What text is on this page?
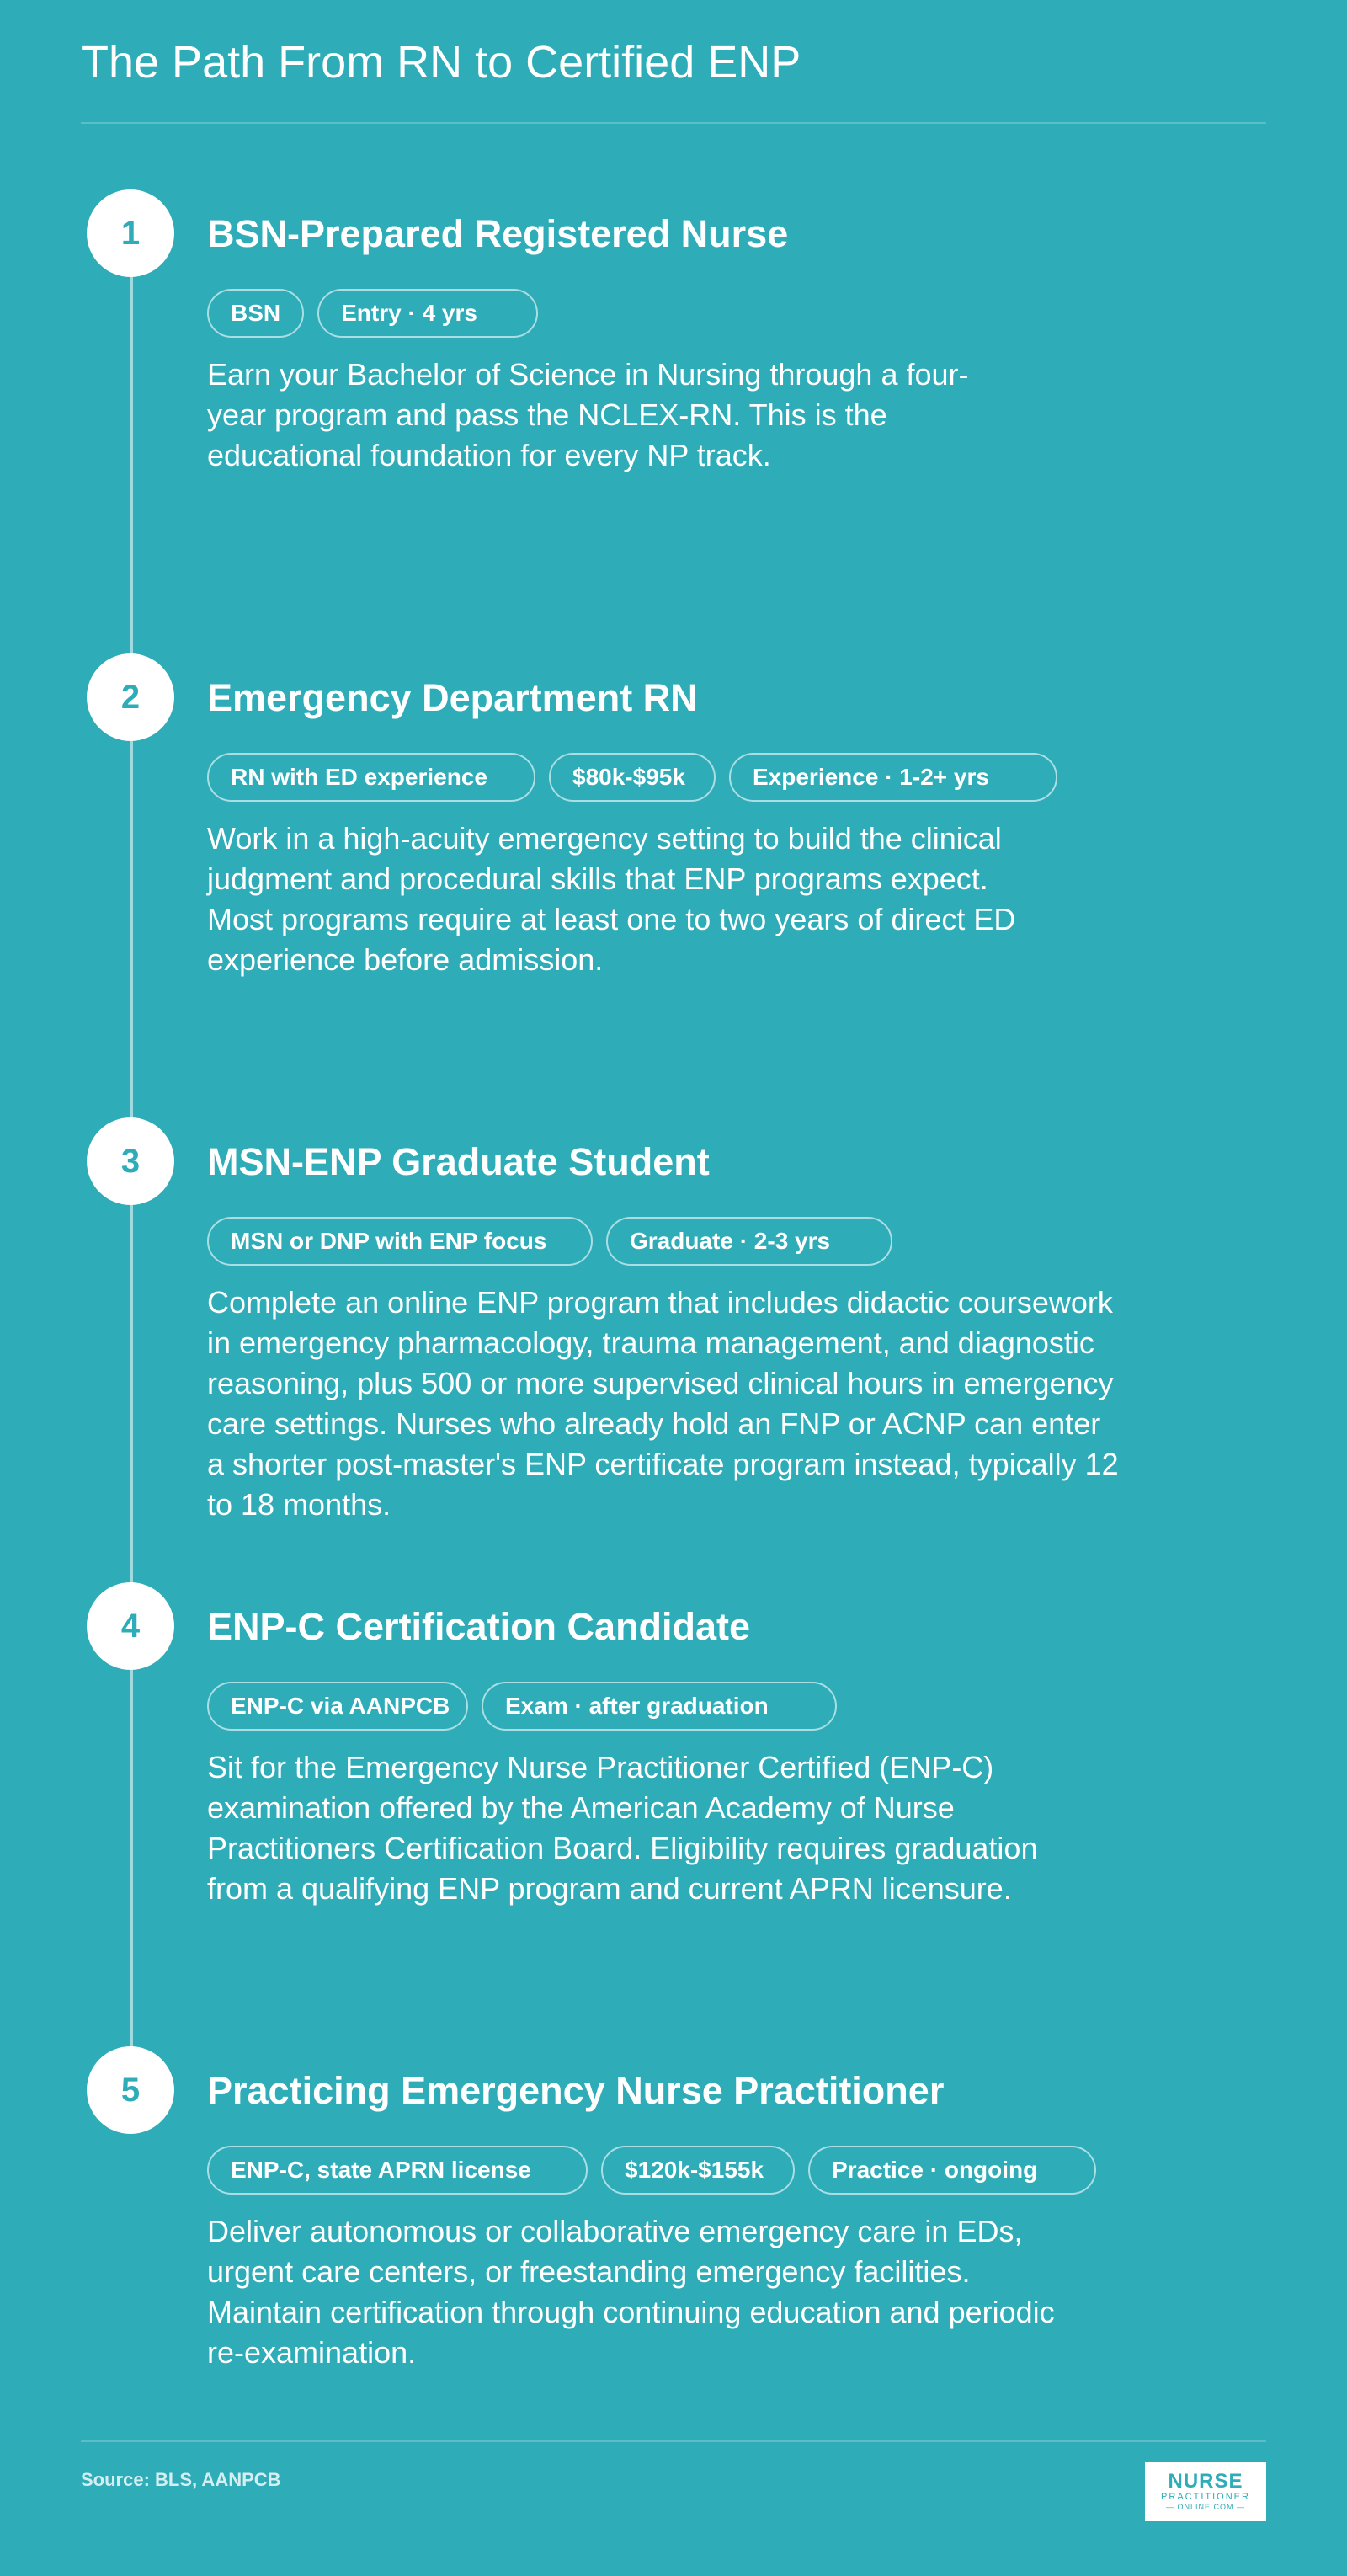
The Path From RN to Certified ENP
1	BSN-Prepared Registered Nurse
BSN	Entry · 4 yrs

Earn your Bachelor of Science in Nursing through a four-year program and pass the NCLEX-RN. This is the educational foundation for every NP track.

2	Emergency Department RN
RN with ED experience	$80k-$95k	Experience · 1-2+ yrs

Work in a high-acuity emergency setting to build the clinical judgment and procedural skills that ENP programs expect. Most programs require at least one to two years of direct ED experience before admission.

3	MSN-ENP Graduate Student
MSN or DNP with ENP focus	Graduate · 2-3 yrs

Complete an online ENP program that includes didactic coursework in emergency pharmacology, trauma management, and diagnostic reasoning, plus 500 or more supervised clinical hours in emergency care settings. Nurses who already hold an FNP or ACNP can enter a shorter post-master's ENP certificate program instead, typically 12 to 18 months.

4	ENP-C Certification Candidate
ENP-C via AANPCB	Exam · after graduation

Sit for the Emergency Nurse Practitioner Certified (ENP-C) examination offered by the American Academy of Nurse Practitioners Certification Board. Eligibility requires graduation from a qualifying ENP program and current APRN licensure.

5	Practicing Emergency Nurse Practitioner
ENP-C, state APRN license	$120k-$155k	Practice · ongoing

Deliver autonomous or collaborative emergency care in EDs, urgent care centers, or freestanding emergency facilities. Maintain certification through continuing education and periodic re-examination.

Source: BLS, AANPCB	NURSE
PRACTITIONER
— ONLINE.COM —
